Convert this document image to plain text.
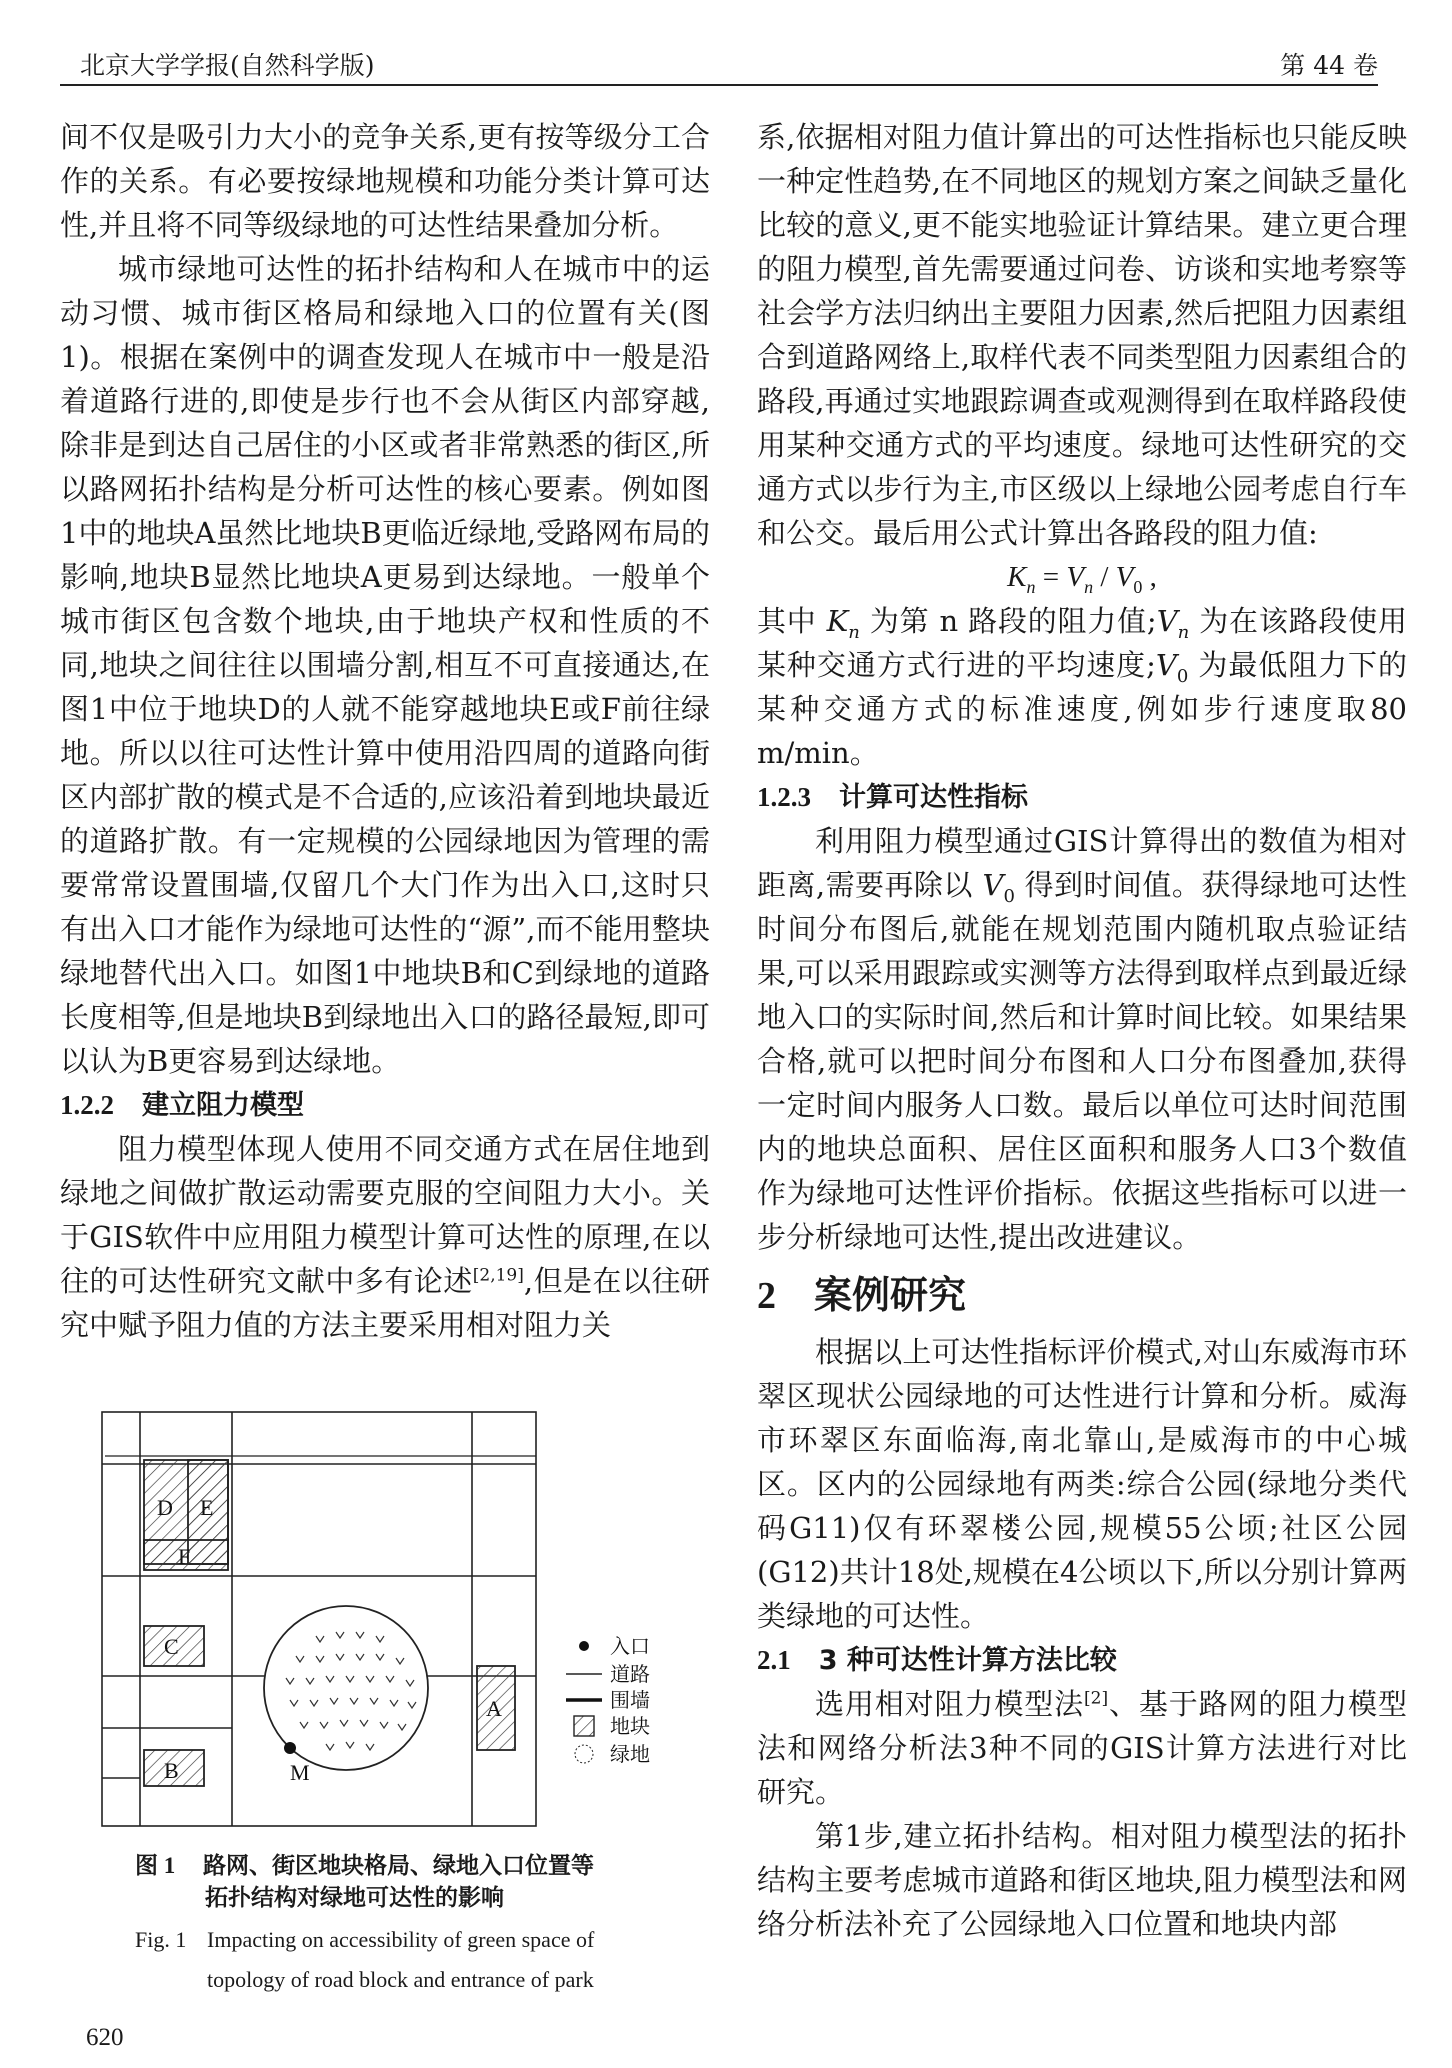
北京大学学报(自然科学版)	第 44 卷

间不仅是吸引力大小的竞争关系,更有按等级分工合作的关系。有必要按绿地规模和功能分类计算可达性,并且将不同等级绿地的可达性结果叠加分析。

城市绿地可达性的拓扑结构和人在城市中的运动习惯、城市街区格局和绿地入口的位置有关(图1)。根据在案例中的调查发现人在城市中一般是沿着道路行进的,即使是步行也不会从街区内部穿越,除非是到达自己居住的小区或者非常熟悉的街区,所以路网拓扑结构是分析可达性的核心要素。例如图1中的地块A虽然比地块B更临近绿地,受路网布局的影响,地块B显然比地块A更易到达绿地。一般单个城市街区包含数个地块,由于地块产权和性质的不同,地块之间往往以围墙分割,相互不可直接通达,在图1中位于地块D的人就不能穿越地块E或F前往绿地。所以以往可达性计算中使用沿四周的道路向街区内部扩散的模式是不合适的,应该沿着到地块最近的道路扩散。有一定规模的公园绿地因为管理的需要常常设置围墙,仅留几个大门作为出入口,这时只有出入口才能作为绿地可达性的“源”,而不能用整块绿地替代出入口。如图1中地块B和C到绿地的道路长度相等,但是地块B到绿地出入口的路径最短,即可以认为B更容易到达绿地。

1.2.2 建立阻力模型

阻力模型体现人使用不同交通方式在居住地到绿地之间做扩散运动需要克服的空间阻力大小。关于GIS软件中应用阻力模型计算可达性的原理,在以往的可达性研究文献中多有论述[2,19],但是在以往研究中赋予阻力值的方法主要采用相对阻力关

系,依据相对阻力值计算出的可达性指标也只能反映一种定性趋势,在不同地区的规划方案之间缺乏量化比较的意义,更不能实地验证计算结果。建立更合理的阻力模型,首先需要通过问卷、访谈和实地考察等社会学方法归纳出主要阻力因素,然后把阻力因素组合到道路网络上,取样代表不同类型阻力因素组合的路段,再通过实地跟踪调查或观测得到在取样路段使用某种交通方式的平均速度。绿地可达性研究的交通方式以步行为主,市区级以上绿地公园考虑自行车和公交。最后用公式计算出各路段的阻力值:

$K_n = V_n / V_0$ ,

其中 $K_n$ 为第 n 路段的阻力值$;V_n$ 为在该路段使用某种交通方式行进的平均速度$;V_0$ 为最低阻力下的某种交通方式的标准速度,例如步行速度取80 m/min。

1.2.3 计算可达性指标

利用阻力模型通过GIS计算得出的数值为相对距离,需要再除以 $V_0$ 得到时间值。获得绿地可达性时间分布图后,就能在规划范围内随机取点验证结果,可以采用跟踪或实测等方法得到取样点到最近绿地入口的实际时间,然后和计算时间比较。如果结果合格,就可以把时间分布图和人口分布图叠加,获得一定时间内服务人口数。最后以单位可达时间范围内的地块总面积、居住区面积和服务人口3个数值作为绿地可达性评价指标。依据这些指标可以进一步分析绿地可达性,提出改进建议。

2 案例研究

根据以上可达性指标评价模式,对山东威海市环翠区现状公园绿地的可达性进行计算和分析。威海市环翠区东面临海,南北靠山,是威海市的中心城区。区内的公园绿地有两类:综合公园(绿地分类代码G11)仅有环翠楼公园,规模55公顷;社区公园(G12)共计18处,规模在4公顷以下,所以分别计算两类绿地的可达性。

2.1 3 种可达性计算方法比较

选用相对阻力模型法[2]、基于路网的阻力模型法和网络分析法3种不同的GIS计算方法进行对比研究。

第1步,建立拓扑结构。相对阻力模型法的拓扑结构主要考虑城市道路和街区地块,阻力模型法和网络分析法补充了公园绿地入口位置和地块内部

D E
F
C
B
A
M
入口
道路
围墙
地块
绿地
图 1 路网、街区地块格局、绿地入口位置等
拓扑结构对绿地可达性的影响
Fig. 1 Impacting on accessibility of green space of
topology of road block and entrance of park
620
